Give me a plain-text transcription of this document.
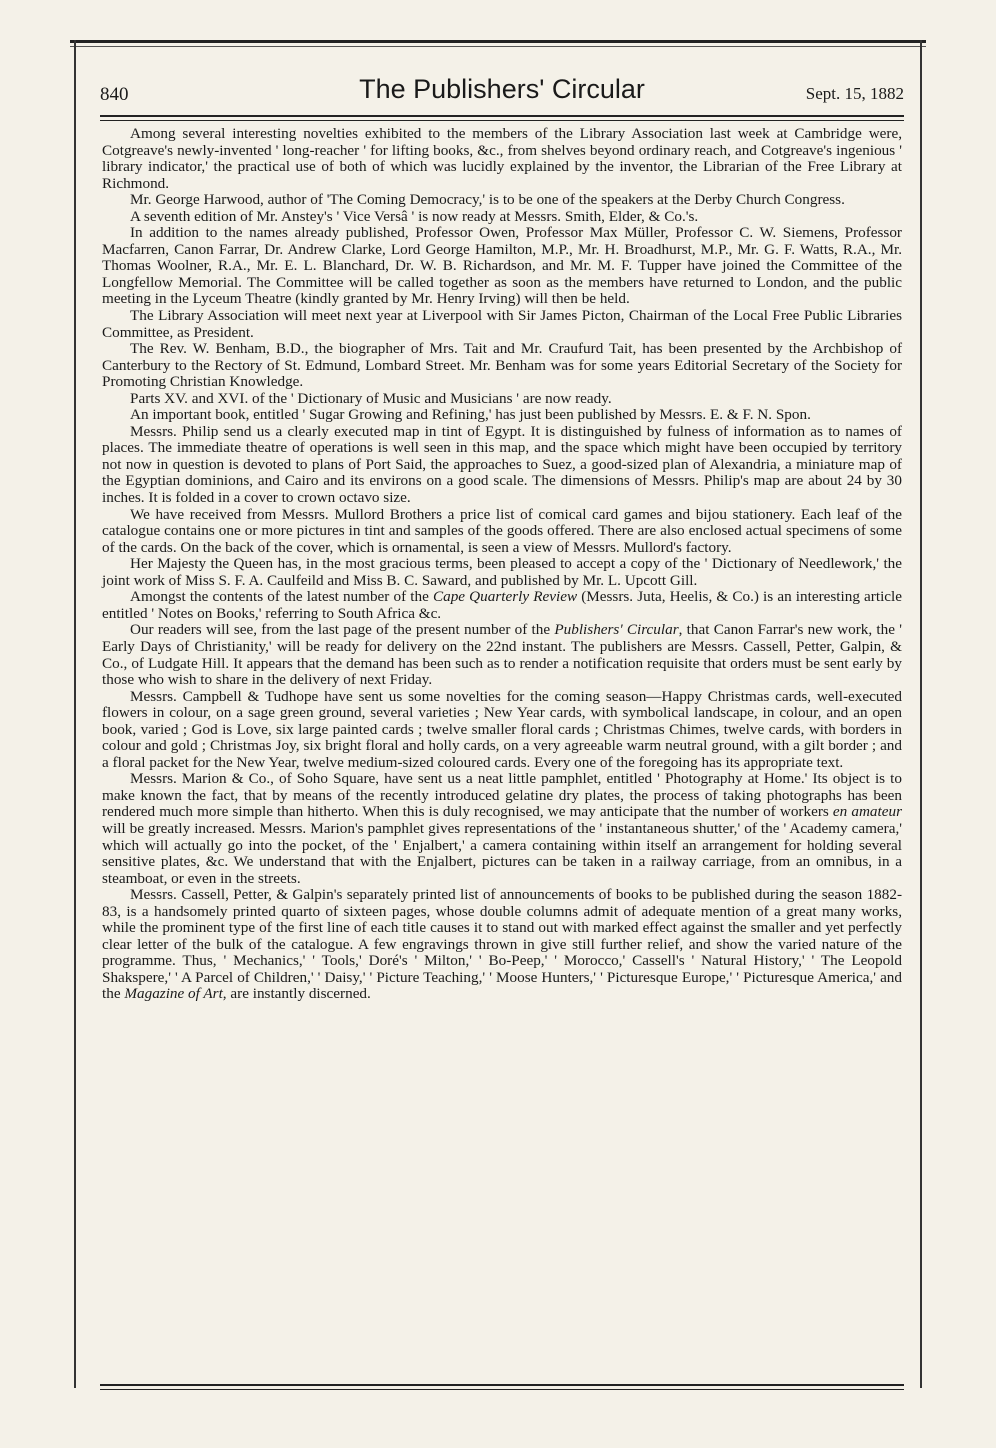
840	The Publishers' Circular	Sept. 15, 1882

Among several interesting novelties exhibited to the members of the Library Association last week at Cambridge were, Cotgreave's newly-invented ' long-reacher ' for lifting books, &c., from shelves beyond ordinary reach, and Cotgreave's ingenious ' library indicator,' the practical use of both of which was lucidly explained by the inventor, the Librarian of the Free Library at Richmond.

Mr. George Harwood, author of 'The Coming Democracy,' is to be one of the speakers at the Derby Church Congress.

A seventh edition of Mr. Anstey's ' Vice Versâ ' is now ready at Messrs. Smith, Elder, & Co.'s.

In addition to the names already published, Professor Owen, Professor Max Müller, Professor C. W. Siemens, Professor Macfarren, Canon Farrar, Dr. Andrew Clarke, Lord George Hamilton, M.P., Mr. H. Broadhurst, M.P., Mr. G. F. Watts, R.A., Mr. Thomas Woolner, R.A., Mr. E. L. Blanchard, Dr. W. B. Richardson, and Mr. M. F. Tupper have joined the Committee of the Longfellow Memorial. The Committee will be called together as soon as the members have returned to London, and the public meeting in the Lyceum Theatre (kindly granted by Mr. Henry Irving) will then be held.

The Library Association will meet next year at Liverpool with Sir James Picton, Chairman of the Local Free Public Libraries Committee, as President.

The Rev. W. Benham, B.D., the biographer of Mrs. Tait and Mr. Craufurd Tait, has been presented by the Archbishop of Canterbury to the Rectory of St. Edmund, Lombard Street. Mr. Benham was for some years Editorial Secretary of the Society for Promoting Christian Knowledge.

Parts XV. and XVI. of the ' Dictionary of Music and Musicians ' are now ready.

An important book, entitled ' Sugar Growing and Refining,' has just been published by Messrs. E. & F. N. Spon.

Messrs. Philip send us a clearly executed map in tint of Egypt. It is distinguished by fulness of information as to names of places. The immediate theatre of operations is well seen in this map, and the space which might have been occupied by territory not now in question is devoted to plans of Port Said, the approaches to Suez, a good-sized plan of Alexandria, a miniature map of the Egyptian dominions, and Cairo and its environs on a good scale. The dimensions of Messrs. Philip's map are about 24 by 30 inches. It is folded in a cover to crown octavo size.

We have received from Messrs. Mullord Brothers a price list of comical card games and bijou stationery. Each leaf of the catalogue contains one or more pictures in tint and samples of the goods offered. There are also enclosed actual specimens of some of the cards. On the back of the cover, which is ornamental, is seen a view of Messrs. Mullord's factory.

Her Majesty the Queen has, in the most gracious terms, been pleased to accept a copy of the ' Dictionary of Needlework,' the joint work of Miss S. F. A. Caulfeild and Miss B. C. Saward, and published by Mr. L. Upcott Gill.

Amongst the contents of the latest number of the Cape Quarterly Review (Messrs. Juta, Heelis, & Co.) is an interesting article entitled ' Notes on Books,' referring to South Africa &c.

Our readers will see, from the last page of the present number of the Publishers' Circular, that Canon Farrar's new work, the ' Early Days of Christianity,' will be ready for delivery on the 22nd instant. The publishers are Messrs. Cassell, Petter, Galpin, & Co., of Ludgate Hill. It appears that the demand has been such as to render a notification requisite that orders must be sent early by those who wish to share in the delivery of next Friday.

Messrs. Campbell & Tudhope have sent us some novelties for the coming season—Happy Christmas cards, well-executed flowers in colour, on a sage green ground, several varieties ; New Year cards, with symbolical landscape, in colour, and an open book, varied ; God is Love, six large painted cards ; twelve smaller floral cards ; Christmas Chimes, twelve cards, with borders in colour and gold ; Christmas Joy, six bright floral and holly cards, on a very agreeable warm neutral ground, with a gilt border ; and a floral packet for the New Year, twelve medium-sized coloured cards. Every one of the foregoing has its appropriate text.

Messrs. Marion & Co., of Soho Square, have sent us a neat little pamphlet, entitled ' Photography at Home.' Its object is to make known the fact, that by means of the recently introduced gelatine dry plates, the process of taking photographs has been rendered much more simple than hitherto. When this is duly recognised, we may anticipate that the number of workers en amateur will be greatly increased. Messrs. Marion's pamphlet gives representations of the ' instantaneous shutter,' of the ' Academy camera,' which will actually go into the pocket, of the ' Enjalbert,' a camera containing within itself an arrangement for holding several sensitive plates, &c. We understand that with the Enjalbert, pictures can be taken in a railway carriage, from an omnibus, in a steamboat, or even in the streets.

Messrs. Cassell, Petter, & Galpin's separately printed list of announcements of books to be published during the season 1882-83, is a handsomely printed quarto of sixteen pages, whose double columns admit of adequate mention of a great many works, while the prominent type of the first line of each title causes it to stand out with marked effect against the smaller and yet perfectly clear letter of the bulk of the catalogue. A few engravings thrown in give still further relief, and show the varied nature of the programme. Thus, ' Mechanics,' ' Tools,' Doré's ' Milton,' ' Bo-Peep,' ' Morocco,' Cassell's ' Natural History,' ' The Leopold Shakspere,' ' A Parcel of Children,' ' Daisy,' ' Picture Teaching,' ' Moose Hunters,' ' Picturesque Europe,' ' Picturesque America,' and the Magazine of Art, are instantly discerned.
